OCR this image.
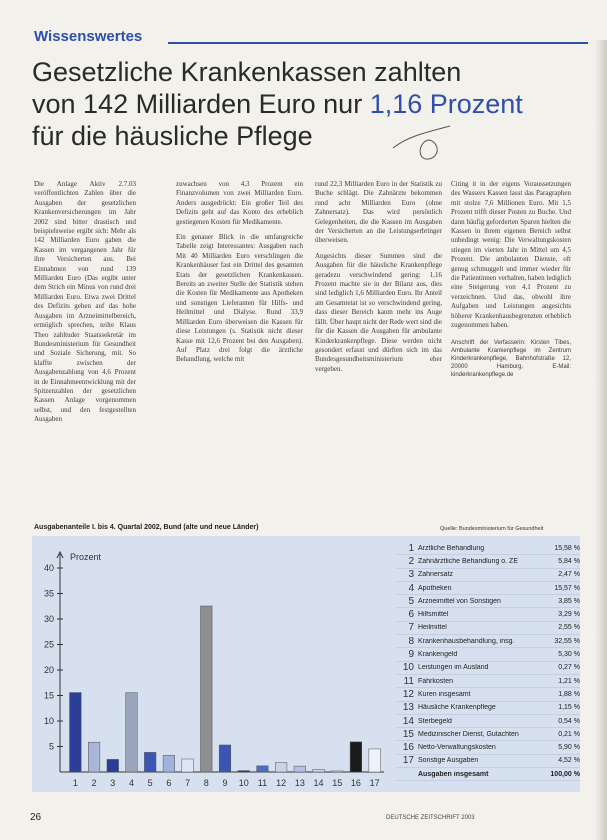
Wissenswertes
Gesetzliche Krankenkassen zahlten
von 142 Milliarden Euro nur 1,16 Prozent
für die häusliche Pflege

Die Anlage Aktiv 2.7.03 veröffentlichten Zahlen über die Ausgaben der gesetzlichen Krankenversicherungen im Jahr 2002 sind bitter drastisch und beispielsweise ergibt sich: Mehr als 142 Milliarden Euro gaben die Kassen im vergangenen Jahr für ihre Versicherten aus. Bei Einnahmen von rund 139 Milliarden Euro (Das ergibt unter dem Strich ein Minus von rund drei Milliarden Euro. Etwa zwei Drittel des Defizits gehen auf das hohe Ausgaben im Arzneimittelbereich, ermöglich sprechen, teilte Klaus Theo zahltuder Staatssekretär im Bundesministerium für Gesundheit und Soziale Sicherung, mit. So klaffte zwischen der Ausgabenzahlung von 4,6 Prozent in de Einnahmeentwicklung mit der Spitzenzahlen der gesetzlichen Kassen Anlage vorgenommen selbst, und den festgestellten Ausgaben

zuwachsen von 4,3 Prozent ein Finanzvolumen von zwei Milliarden Euro. Anders ausgedrückt: Ein großer Teil des Defizits geht auf das Konto des erheblich gestiegenen Kosten für Medikamente.

Ein genauer Blick in die umfangreiche Tabelle zeigt Interessantes: Ausgaben nach Mit 40 Milliarden Euro verschlingen die Krankenhäuser fast ein Drittel des gesamten Etats der gesetzlichen Krankenkassen. Bereits an zweiter Stelle der Statistik stehen die Kosten für Medikamente aus Apotheken und sonstigen Lieferanten für Hilfs- und Heilmittel und Dialyse. Rund 33,9 Milliarden Euro überweisen die Kassen für diese Leistungen (s. Statistik nicht dieser Kasse mit 12,6 Prozent bei den Ausgaben). Auf Platz drei folgt die ärztliche Behandlung, welche mit

rund 22,3 Milliarden Euro in der Statistik zu Buche schlägt. Die Zahnärzte bekommen rund acht Milliarden Euro (ohne Zahnersatz). Das wird persönlich Gelegenheiten, die die Kassen im Ausgaben der Versicherten an die Leistungserbringer überweisen.

Angesichts dieser Summen sind die Ausgaben für die häusliche Krankenpflege geradezu verschwindend gering: 1,16 Prozent machte sie in der Bilanz aus, dies sind lediglich 1,6 Milliarden Euro. Ihr Anteil am Gesamtetat ist so verschwindend gering, dass dieser Bereich kaum mehr ins Auge fällt. Über haupt nicht der Rede wert sind die für die Kassen die Ausgaben für ambulante Kinderkrankenpflege. Diese werden nicht gesondert erfasst und dürften sich im das Bundesgesundheitsministerium eher vergeben.

Citing it in der eigens Voraussetzungen des Wassers Kassen lasst das Paragraphen mit stolze 7,6 Millionen Euro. Mit 1,5 Prozent trifft dieser Posten zu Buche. Und dann häufig geforderten Sparen hielten die Kassen in ihrem eigenen Bereich selbst unbedingt wenig: Die Verwaltungskosten stiegen im vierten Jahr in Mittel um 4,5 Prozent. Die ambulanten Dienste, oft genug schmuggelt und immer wieder für die Patientinnen verhalten, haben lediglich eine Steigerung von 4,1 Prozent zu verzeichnen. Und das, obwohl ihre Aufgaben und Leistungen angesichts höherer Krankenhausbegrenzten erheblich zugenommen haben.

Anschrift der Verfasserin: Kirsten Tibes, Ambulante Krankenpflege im Zentrum Kinderkrankenpflege, Bahnhofstraße 12, 20000 Hamburg, E-Mail: kinderkrankenpflege.de
Ausgabenanteile I. bis 4. Quartal 2002, Bund (alte und neue Länder)	Quelle: Bundesministerium für Gesundheit
Prozent
5
10
15
20
25
30
35
40
1 2 3 4 5 6 7 8 9 10 11 12 13 14 15 16 17
1 Ärztliche Behandlung	15,58 %
2 Zahnärztliche Behandlung o. ZE	5,84 %
3 Zahnersatz	2,47 %
4 Apotheken	15,57 %
5 Arzneimittel von Sonstigen	3,85 %
6 Hilfsmittel	3,29 %
7 Heilmittel	2,55 %
8 Krankenhausbehandlung, insg.	32,55 %
9 Krankengeld	5,30 %
10 Leistungen im Ausland	0,27 %
11 Fahrkosten	1,21 %
12 Kuren insgesamt	1,88 %
13 Häusliche Krankenpflege	1,15 %
14 Sterbegeld	0,54 %
15 Medizinischer Dienst, Gutachten	0,21 %
16 Netto-Verwaltungskosten	5,90 %
17 Sonstige Ausgaben	4,52 %
Ausgaben insgesamt	100,00 %
26	DEUTSCHE ZEITSCHRIFT 2003
